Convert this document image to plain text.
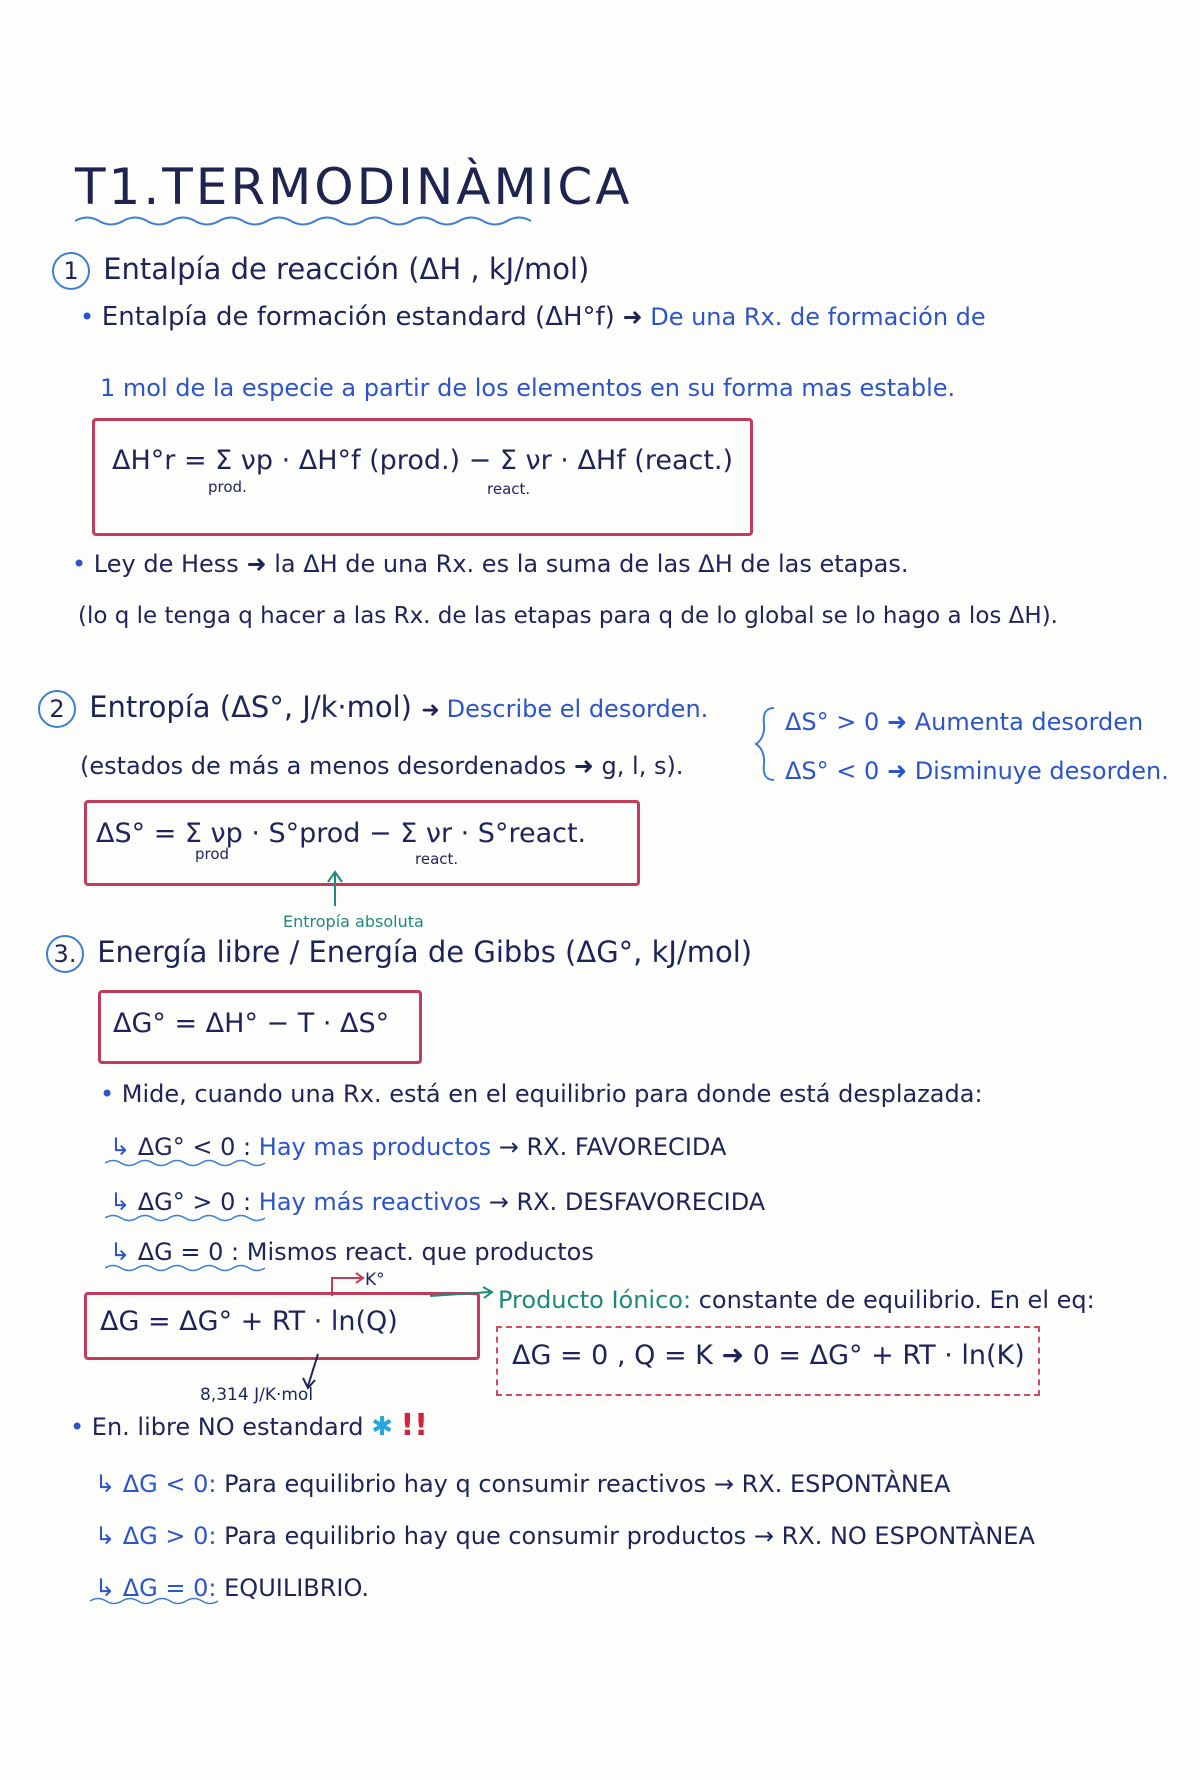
T1.TERMODINÀMICA
1 Entalpía de reacción (ΔH , kJ/mol)
• Entalpía de formación estandard (ΔH°f) ➜ De una Rx. de formación de
1 mol de la especie a partir de los elementos en su forma mas estable.
ΔH°r = Σ νp · ΔH°f (prod.) − Σ νr · ΔHf (react.)
prod.	react.
• Ley de Hess ➜ la ΔH de una Rx. es la suma de las ΔH de las etapas.
(lo q le tenga q hacer a las Rx. de las etapas para q de lo global se lo hago a los ΔH).
2 Entropía (ΔS°, J/k·mol) ➜ Describe el desorden.
(estados de más a menos desordenados ➜ g, l, s).
ΔS° > 0 ➜ Aumenta desorden
ΔS° < 0 ➜ Disminuye desorden.
ΔS° = Σ νp · S°prod − Σ νr · S°react.
prod	react.
Entropía absoluta
3. Energía libre / Energía de Gibbs (ΔG°, kJ/mol)
ΔG° = ΔH° − T · ΔS°
• Mide, cuando una Rx. está en el equilibrio para donde está desplazada:
↳ ΔG° < 0 : Hay mas productos → RX. FAVORECIDA
↳ ΔG° > 0 : Hay más reactivos → RX. DESFAVORECIDA
↳ ΔG = 0 : Mismos react. que productos
ΔG = ΔG° + RT · ln(Q)
K°
Producto Iónico: constante de equilibrio. En el eq:
ΔG = 0 , Q = K ➜ 0 = ΔG° + RT · ln(K)
8,314 J/K·mol
• En. libre NO estandard ✱ !!
↳ ΔG < 0: Para equilibrio hay q consumir reactivos → RX. ESPONTÀNEA
↳ ΔG > 0: Para equilibrio hay que consumir productos → RX. NO ESPONTÀNEA
↳ ΔG = 0: EQUILIBRIO.
